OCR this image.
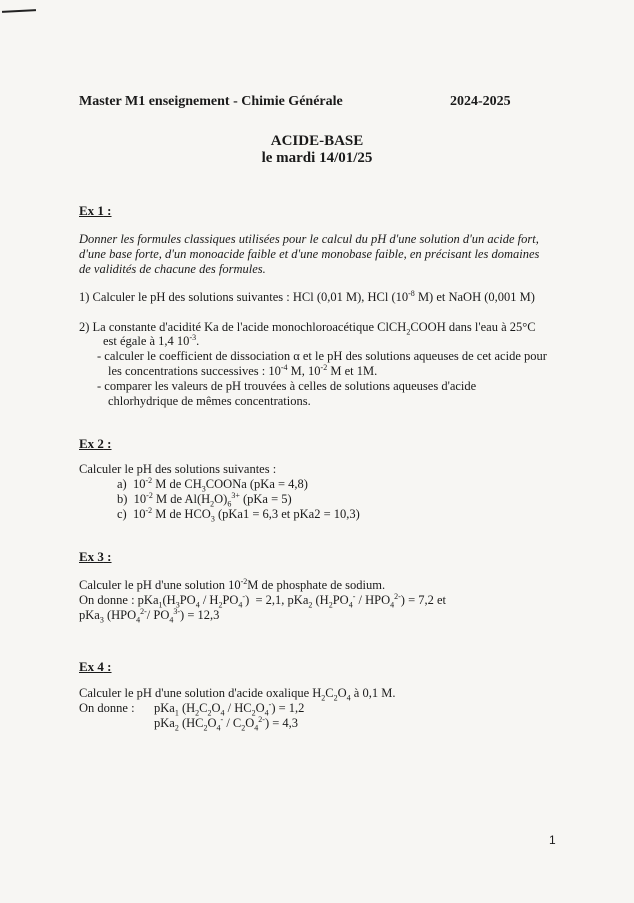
Master M1 enseignement - Chimie Générale	2024-2025
ACIDE-BASE
le mardi 14/01/25
Ex 1 :
Donner les formules classiques utilisées pour le calcul du pH d'une solution d'un acide fort,
d'une base forte, d'un monoacide faible et d'une monobase faible, en précisant les domaines
de validités de chacune des formules.
1) Calculer le pH des solutions suivantes : HCl (0,01 M), HCl ($10^{-8}$ M) et NaOH (0,001 M)
2) La constante d'acidité Ka de l'acide monochloroacétique ClCH$_2$COOH dans l'eau à 25°C
est égale à 1,4 $10^{-3}$.
- calculer le coefficient de dissociation α et le pH des solutions aqueuses de cet acide pour
les concentrations successives : $10^{-4}$ M, $10^{-2}$ M et 1M.
- comparer les valeurs de pH trouvées à celles de solutions aqueuses d'acide
chlorhydrique de mêmes concentrations.
Ex 2 :
Calculer le pH des solutions suivantes :
a) $10^{-2}$ M de $CH_3COONa$ (pKa = 4,8)
b) $10^{-2}$ M de $Al(H_2O)_6^{3+}$ (pKa = 5)
c) $10^{-2}$ M de $HCO_3$ (pKa1 = 6,3 et pKa2 = 10,3)
Ex 3 :
Calculer le pH d'une solution $10^{-2}M$ de phosphate de sodium.
On donne : $pKa_1(H_3PO_4 / H_2PO_4^-) = 2,1$, pKa$_2$ $(H_2PO_4^- / HPO_4^{2-}) = 7,2$ et
pKa$_3$ ($HPO_4^{2-}/$ $PO_4^{3-}) = 12,3$
Ex 4 :
Calculer le pH d'une solution d'acide oxalique $H_2C_2O_4$ à 0,1 M.
On donne : pKa$_1$ $(H_2C_2O_4 / HC_2O_4^-) = 1,2$
pKa$_2$ $(HC_2O_4^- / C_2O_4^{2-}) = 4,3$
1
